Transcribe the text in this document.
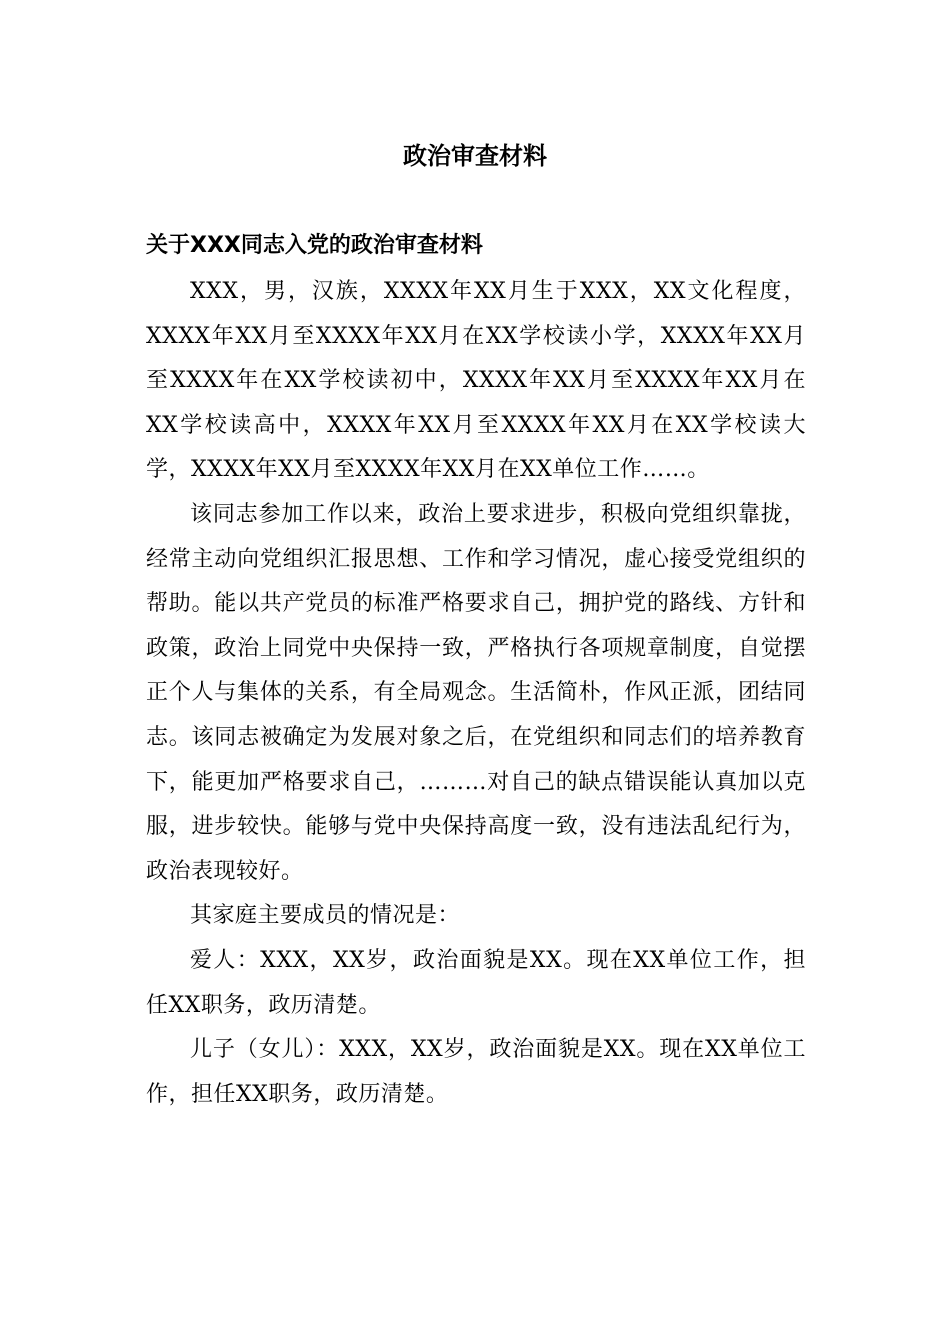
政治审查材料
关于XXX同志入党的政治审查材料

XXX，男，汉族，XXXX年XX月生于XXX，XX文化程度，XXXX年XX月至XXXX年XX月在XX学校读小学，XXXX年XX月至XXXX年在XX学校读初中，XXXX年XX月至XXXX年XX月在XX学校读高中，XXXX年XX月至XXXX年XX月在XX学校读大学，XXXX年XX月至XXXX年XX月在XX单位工作……。

该同志参加工作以来，政治上要求进步，积极向党组织靠拢，经常主动向党组织汇报思想、工作和学习情况，虚心接受党组织的帮助。能以共产党员的标准严格要求自己，拥护党的路线、方针和政策，政治上同党中央保持一致，严格执行各项规章制度，自觉摆正个人与集体的关系，有全局观念。生活简朴，作风正派，团结同志。该同志被确定为发展对象之后，在党组织和同志们的培养教育下，能更加严格要求自己，………对自己的缺点错误能认真加以克服，进步较快。能够与党中央保持高度一致，没有违法乱纪行为，政治表现较好。

其家庭主要成员的情况是：

爱人：XXX，XX岁，政治面貌是XX。现在XX单位工作，担任XX职务，政历清楚。

儿子（女儿）：XXX，XX岁，政治面貌是XX。现在XX单位工作，担任XX职务，政历清楚。
